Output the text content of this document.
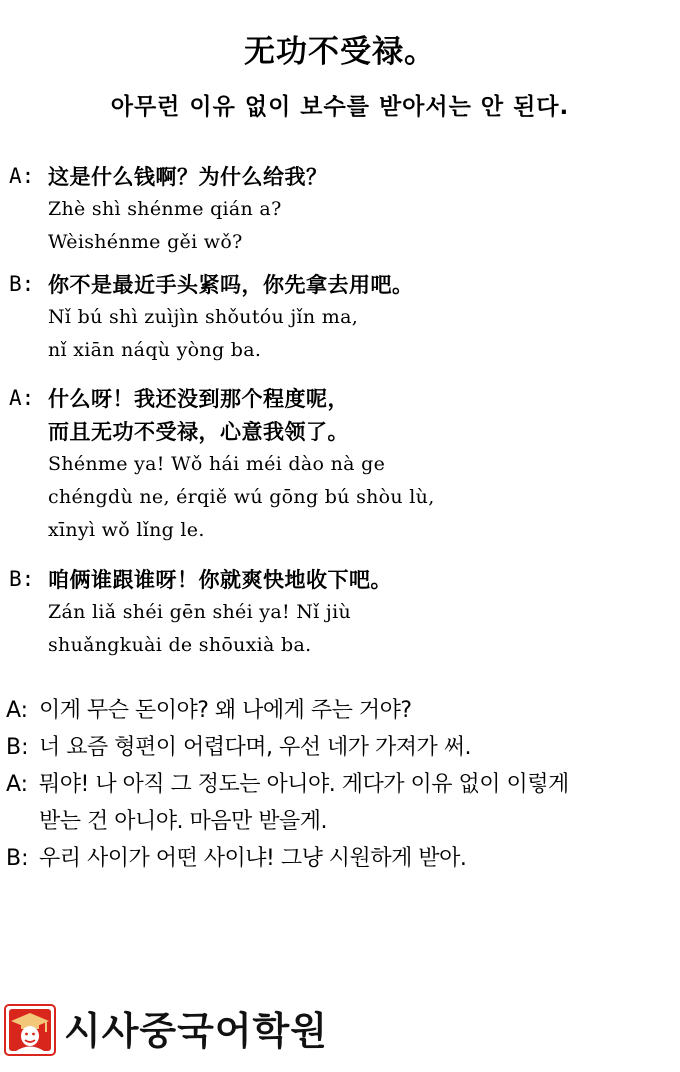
无功不受禄。
아무런 이유 없이 보수를 받아서는 안 된다.
A: 这是什么钱啊？为什么给我？
Zhè shì shénme qián a?
Wèishénme gěi wǒ?
B: 你不是最近手头紧吗，你先拿去用吧。
Nǐ bú shì zuìjìn shǒutóu jǐn ma,
nǐ xiān náqù yòng ba.
A: 什么呀！我还没到那个程度呢，
而且无功不受禄，心意我领了。
Shénme ya! Wǒ hái méi dào nà ge
chéngdù ne, érqiě wú gōng bú shòu lù,
xīnyì wǒ lǐng le.
B: 咱俩谁跟谁呀！你就爽快地收下吧。
Zán liǎ shéi gēn shéi ya! Nǐ jiù
shuǎngkuài de shōuxià ba.
A: 이게 무슨 돈이야? 왜 나에게 주는 거야?
B: 너 요즘 형편이 어렵다며, 우선 네가 가져가 써.
A: 뭐야! 나 아직 그 정도는 아니야. 게다가 이유 없이 이렇게
받는 건 아니야. 마음만 받을게.
B: 우리 사이가 어떤 사이냐! 그냥 시원하게 받아.
시사중국어학원
